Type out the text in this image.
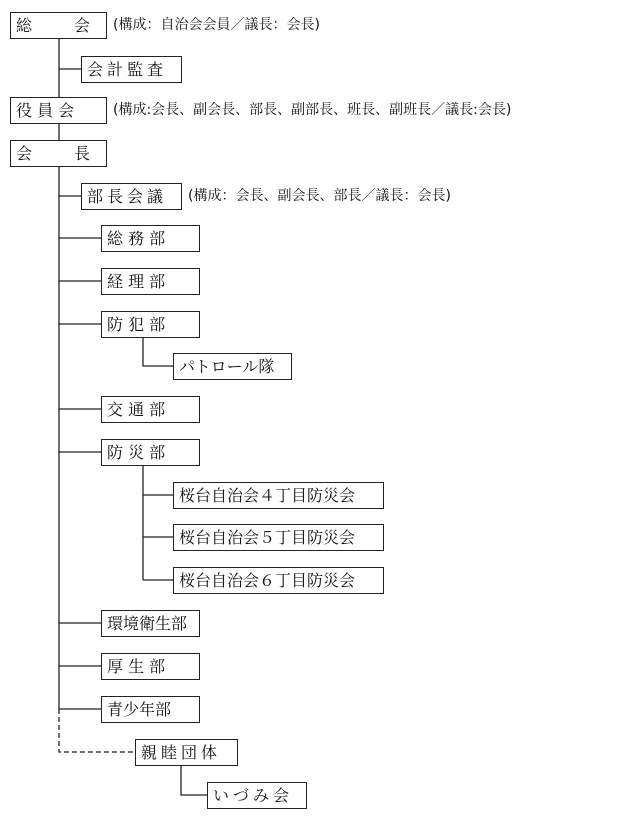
総　会 (構成：自治会会員／議長：会長)
会計監査
役 員 会	(構成:会長、副会長、部長、副部長、班長、副班長／議長:会長)
会　長
部長会議	(構成：会長、副会長、部長／議長：会長)
総 務 部
経 理 部
防 犯 部
パトロール隊
交 通 部
防 災 部
桜台自治会４丁目防災会
桜台自治会５丁目防災会
桜台自治会６丁目防災会
環境衛生部
厚 生 部
青少年部
親睦団体
いづみ会
